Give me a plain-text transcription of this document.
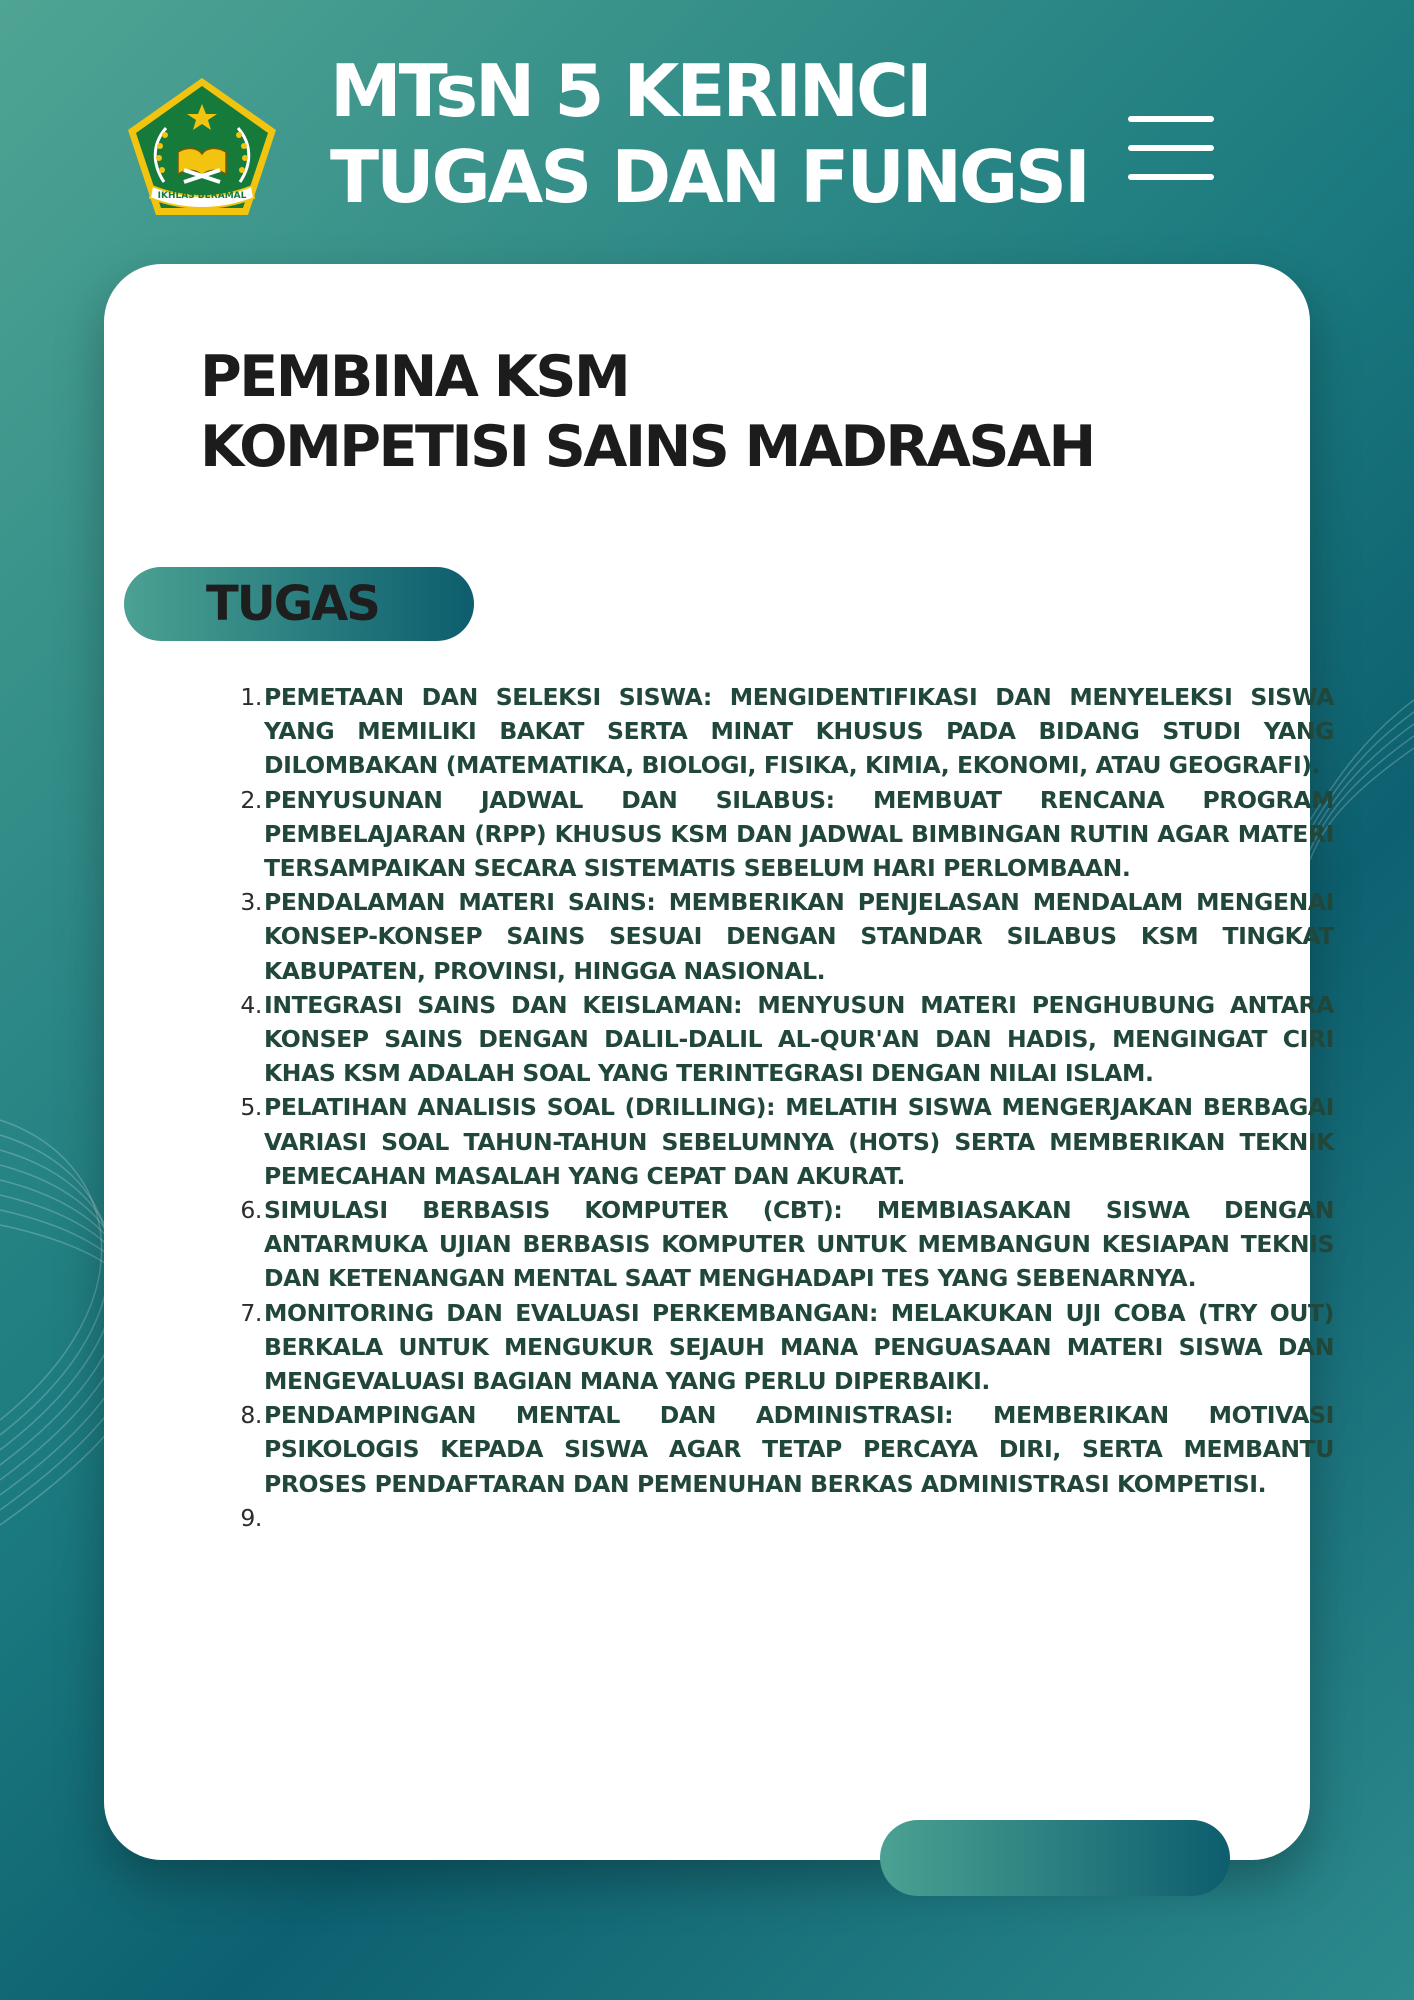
IKHLAS BERAMAL
MTsN 5 KERINCI
TUGAS DAN FUNGSI
PEMBINA KSM
KOMPETISI SAINS MADRASAH
TUGAS
1. PEMETAAN DAN SELEKSI SISWA: MENGIDENTIFIKASI DAN MENYELEKSI SISWA YANG MEMILIKI BAKAT SERTA MINAT KHUSUS PADA BIDANG STUDI YANG DILOMBAKAN (MATEMATIKA, BIOLOGI, FISIKA, KIMIA, EKONOMI, ATAU GEOGRAFI).
2. PENYUSUNAN JADWAL DAN SILABUS: MEMBUAT RENCANA PROGRAM PEMBELAJARAN (RPP) KHUSUS KSM DAN JADWAL BIMBINGAN RUTIN AGAR MATERI TERSAMPAIKAN SECARA SISTEMATIS SEBELUM HARI PERLOMBAAN.
3. PENDALAMAN MATERI SAINS: MEMBERIKAN PENJELASAN MENDALAM MENGENAI KONSEP-KONSEP SAINS SESUAI DENGAN STANDAR SILABUS KSM TINGKAT KABUPATEN, PROVINSI, HINGGA NASIONAL.
4. INTEGRASI SAINS DAN KEISLAMAN: MENYUSUN MATERI PENGHUBUNG ANTARA KONSEP SAINS DENGAN DALIL-DALIL AL-QUR'AN DAN HADIS, MENGINGAT CIRI KHAS KSM ADALAH SOAL YANG TERINTEGRASI DENGAN NILAI ISLAM.
5. PELATIHAN ANALISIS SOAL (DRILLING): MELATIH SISWA MENGERJAKAN BERBAGAI VARIASI SOAL TAHUN-TAHUN SEBELUMNYA (HOTS) SERTA MEMBERIKAN TEKNIK PEMECAHAN MASALAH YANG CEPAT DAN AKURAT.
6. SIMULASI BERBASIS KOMPUTER (CBT): MEMBIASAKAN SISWA DENGAN ANTARMUKA UJIAN BERBASIS KOMPUTER UNTUK MEMBANGUN KESIAPAN TEKNIS DAN KETENANGAN MENTAL SAAT MENGHADAPI TES YANG SEBENARNYA.
7. MONITORING DAN EVALUASI PERKEMBANGAN: MELAKUKAN UJI COBA (TRY OUT) BERKALA UNTUK MENGUKUR SEJAUH MANA PENGUASAAN MATERI SISWA DAN MENGEVALUASI BAGIAN MANA YANG PERLU DIPERBAIKI.
8. PENDAMPINGAN MENTAL DAN ADMINISTRASI: MEMBERIKAN MOTIVASI PSIKOLOGIS KEPADA SISWA AGAR TETAP PERCAYA DIRI, SERTA MEMBANTU PROSES PENDAFTARAN DAN PEMENUHAN BERKAS ADMINISTRASI KOMPETISI.
9.
